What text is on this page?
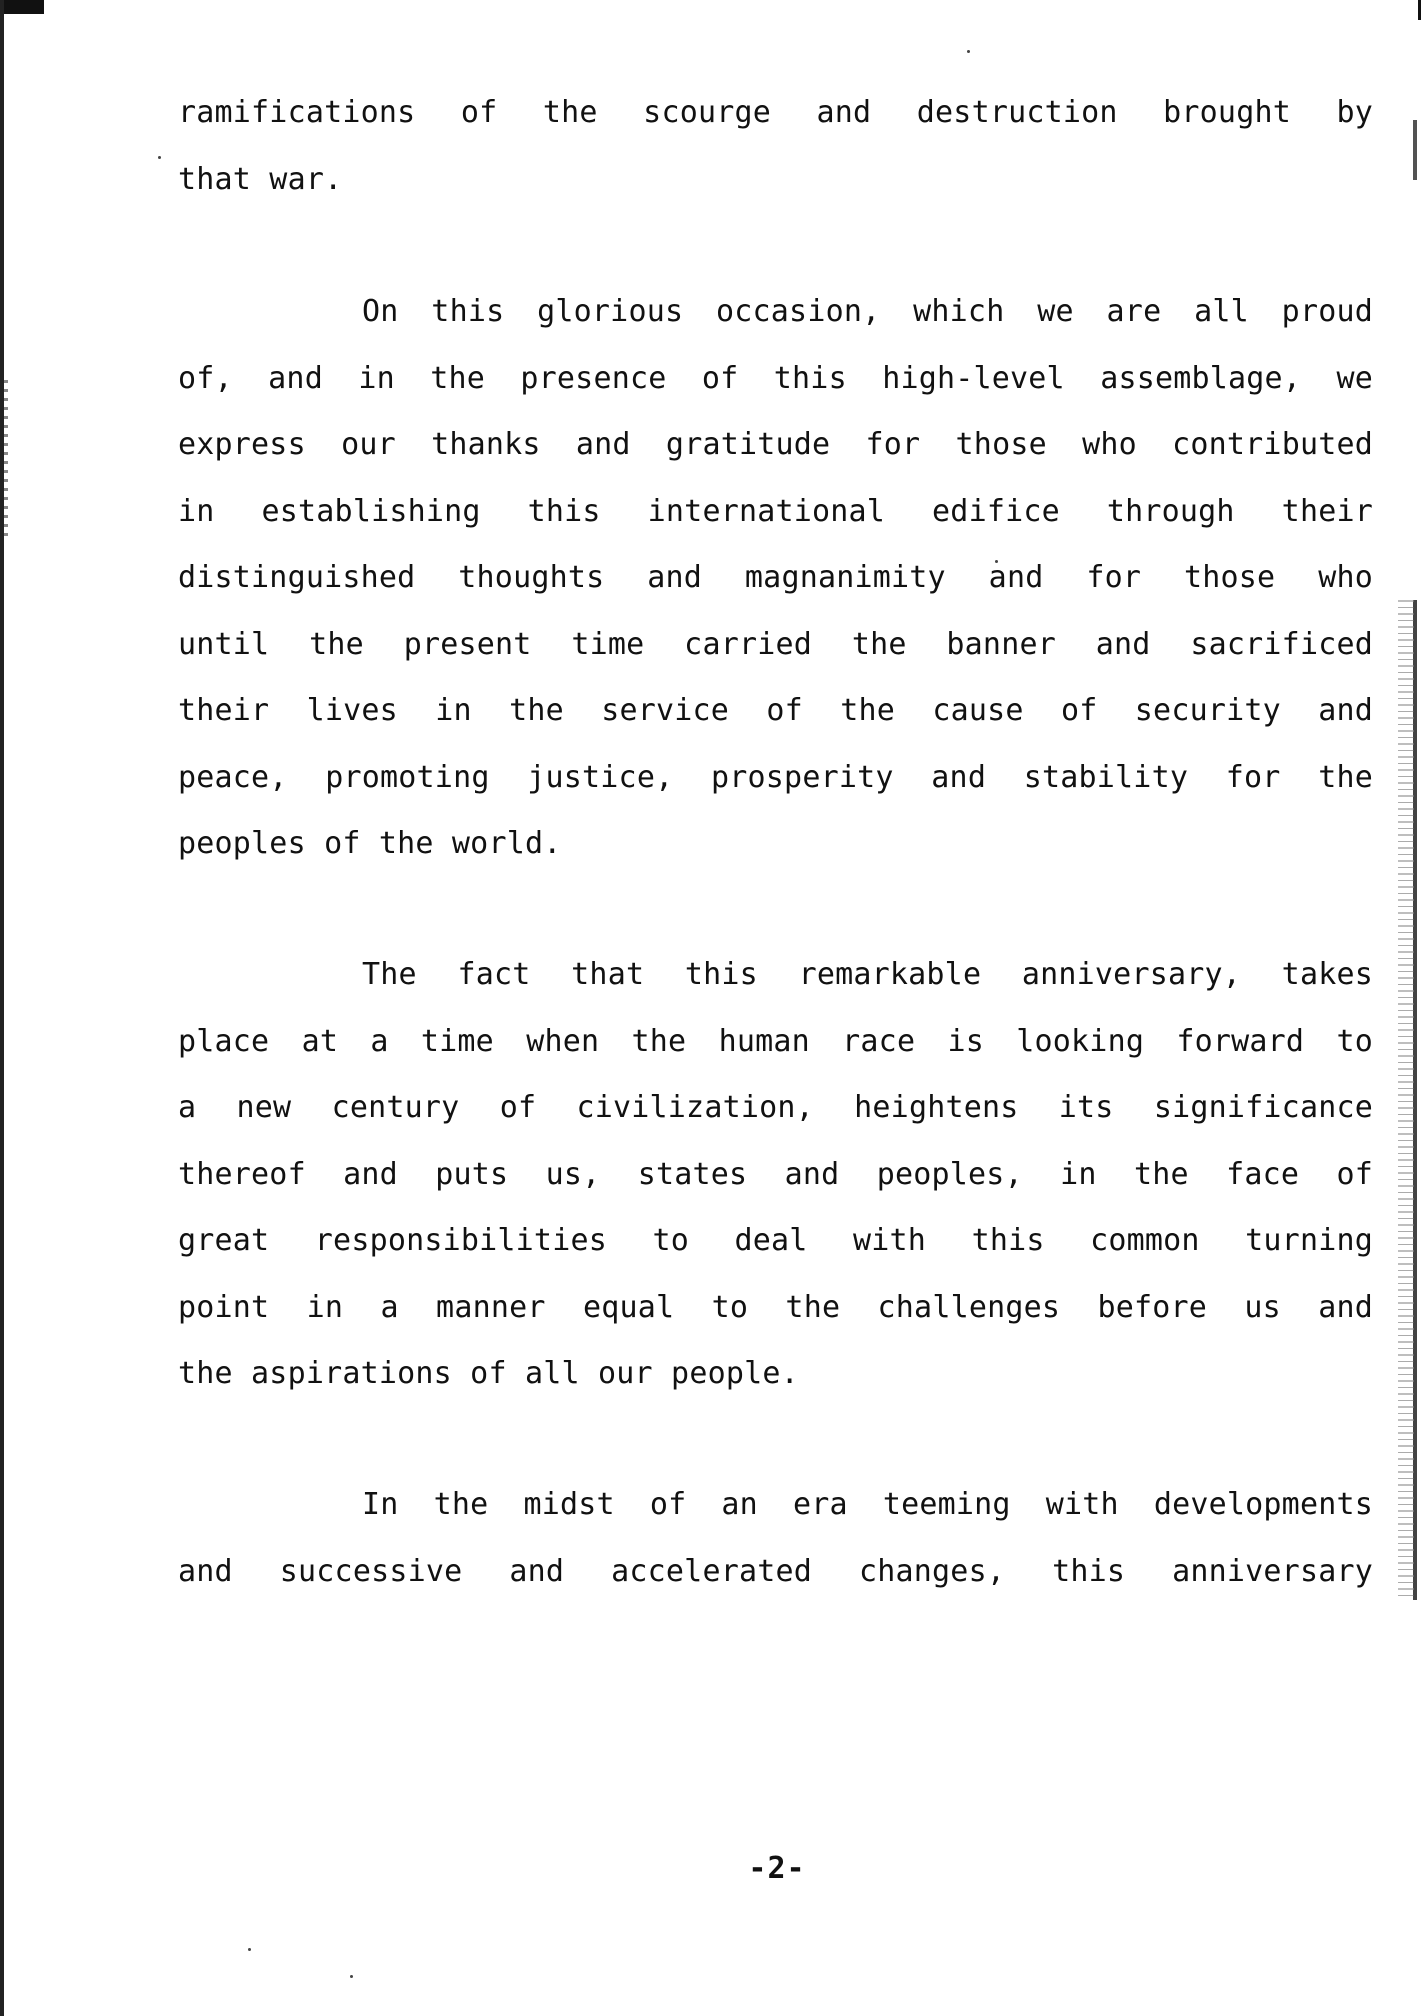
ramifications of the scourge and destruction brought by
that war.
On this glorious occasion, which we are all proud
of, and in the presence of this high-level assemblage, we
express our thanks and gratitude for those who contributed
in establishing this international edifice through their
distinguished thoughts and magnanimity and for those who
until the present time carried the banner and sacrificed
their lives in the service of the cause of security and
peace, promoting justice, prosperity and stability for the
peoples of the world.
The fact that this remarkable anniversary, takes
place at a time when the human race is looking forward to
a new century of civilization, heightens its significance
thereof and puts us, states and peoples, in the face of
great responsibilities to deal with this common turning
point in a manner equal to the challenges before us and
the aspirations of all our people.
In the midst of an era teeming with developments
and successive and accelerated changes, this anniversary
-2-
